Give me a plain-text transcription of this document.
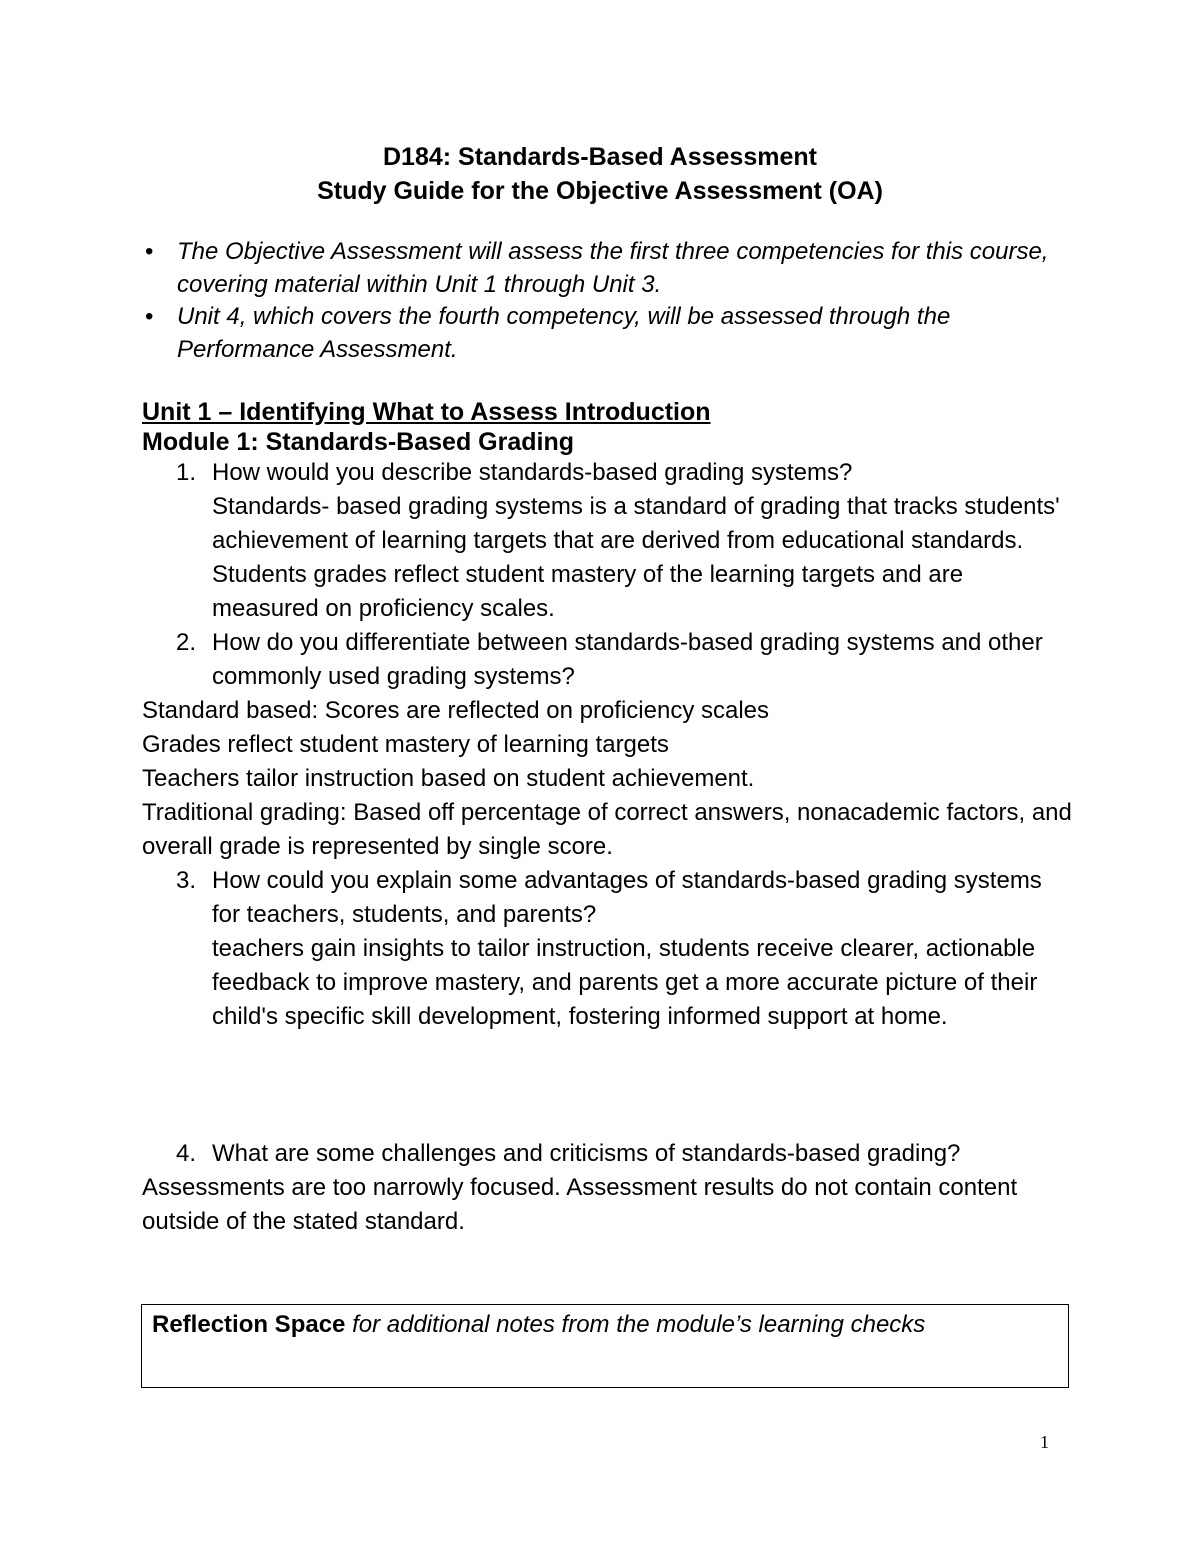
D184: Standards-Based Assessment
Study Guide for the Objective Assessment (OA)
• The Objective Assessment will assess the first three competencies for this course, covering material within Unit 1 through Unit 3.
• Unit 4, which covers the fourth competency, will be assessed through the Performance Assessment.
Unit 1 – Identifying What to Assess Introduction
Module 1: Standards-Based Grading
1. How would you describe standards-based grading systems?
Standards- based grading systems is a standard of grading that tracks students' achievement of learning targets that are derived from educational standards. Students grades reflect student mastery of the learning targets and are measured on proficiency scales.
2. How do you differentiate between standards-based grading systems and other commonly used grading systems?
Standard based: Scores are reflected on proficiency scales
Grades reflect student mastery of learning targets
Teachers tailor instruction based on student achievement.
Traditional grading: Based off percentage of correct answers, nonacademic factors, and overall grade is represented by single score.
3. How could you explain some advantages of standards-based grading systems for teachers, students, and parents?
teachers gain insights to tailor instruction, students receive clearer, actionable feedback to improve mastery, and parents get a more accurate picture of their child's specific skill development, fostering informed support at home.
4. What are some challenges and criticisms of standards-based grading?
Assessments are too narrowly focused. Assessment results do not contain content outside of the stated standard.
Reflection Space for additional notes from the module’s learning checks
1
